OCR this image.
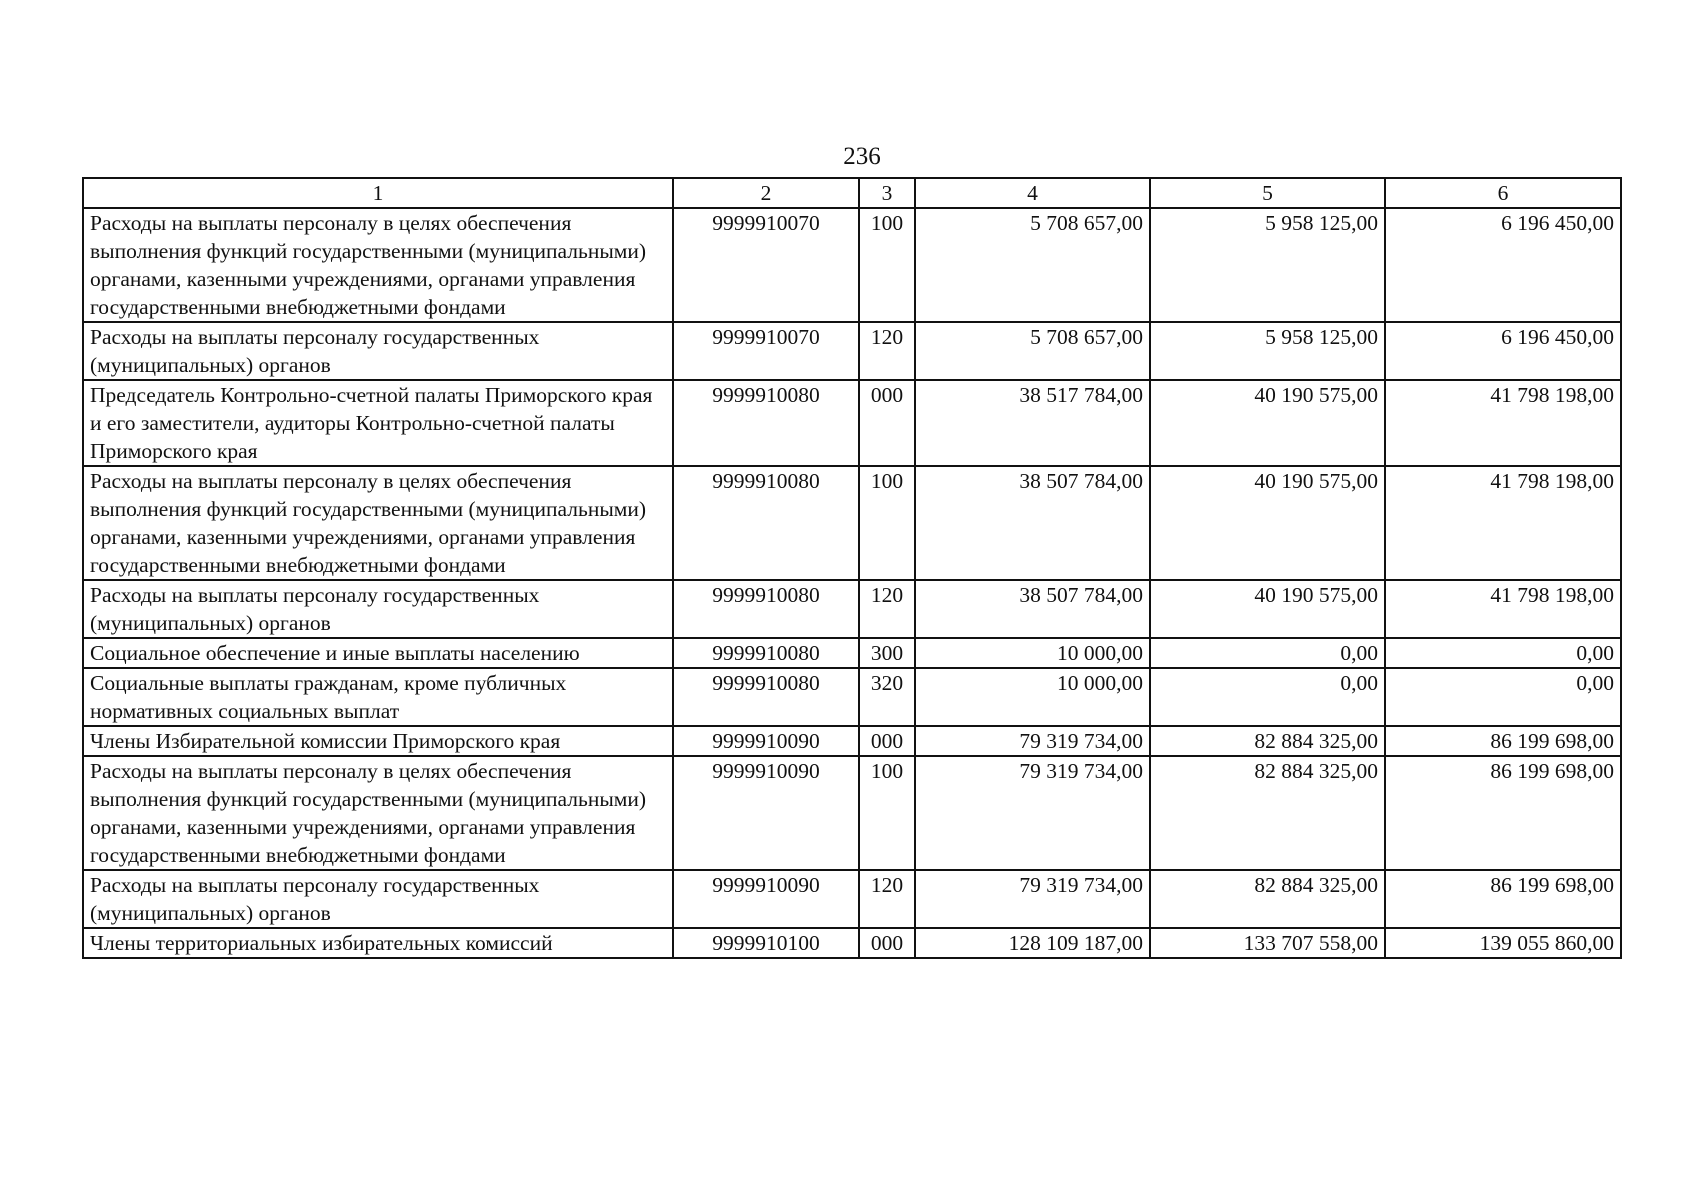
236
1	2	3	4	5	6
Расходы на выплаты персоналу в целях обеспечения выполнения функций государственными (муниципальными) органами, казенными учреждениями, органами управления государственными внебюджетными фондами	9999910070	100	5 708 657,00	5 958 125,00	6 196 450,00
Расходы на выплаты персоналу государственных (муниципальных) органов	9999910070	120	5 708 657,00	5 958 125,00	6 196 450,00
Председатель Контрольно-счетной палаты Приморского края и его заместители, аудиторы Контрольно-счетной палаты Приморского края	9999910080	000	38 517 784,00	40 190 575,00	41 798 198,00
Расходы на выплаты персоналу в целях обеспечения выполнения функций государственными (муниципальными) органами, казенными учреждениями, органами управления государственными внебюджетными фондами	9999910080	100	38 507 784,00	40 190 575,00	41 798 198,00
Расходы на выплаты персоналу государственных (муниципальных) органов	9999910080	120	38 507 784,00	40 190 575,00	41 798 198,00
Социальное обеспечение и иные выплаты населению	9999910080	300	10 000,00	0,00	0,00
Социальные выплаты гражданам, кроме публичных нормативных социальных выплат	9999910080	320	10 000,00	0,00	0,00
Члены Избирательной комиссии Приморского края	9999910090	000	79 319 734,00	82 884 325,00	86 199 698,00
Расходы на выплаты персоналу в целях обеспечения выполнения функций государственными (муниципальными) органами, казенными учреждениями, органами управления государственными внебюджетными фондами	9999910090	100	79 319 734,00	82 884 325,00	86 199 698,00
Расходы на выплаты персоналу государственных (муниципальных) органов	9999910090	120	79 319 734,00	82 884 325,00	86 199 698,00
Члены территориальных избирательных комиссий	9999910100	000	128 109 187,00	133 707 558,00	139 055 860,00
